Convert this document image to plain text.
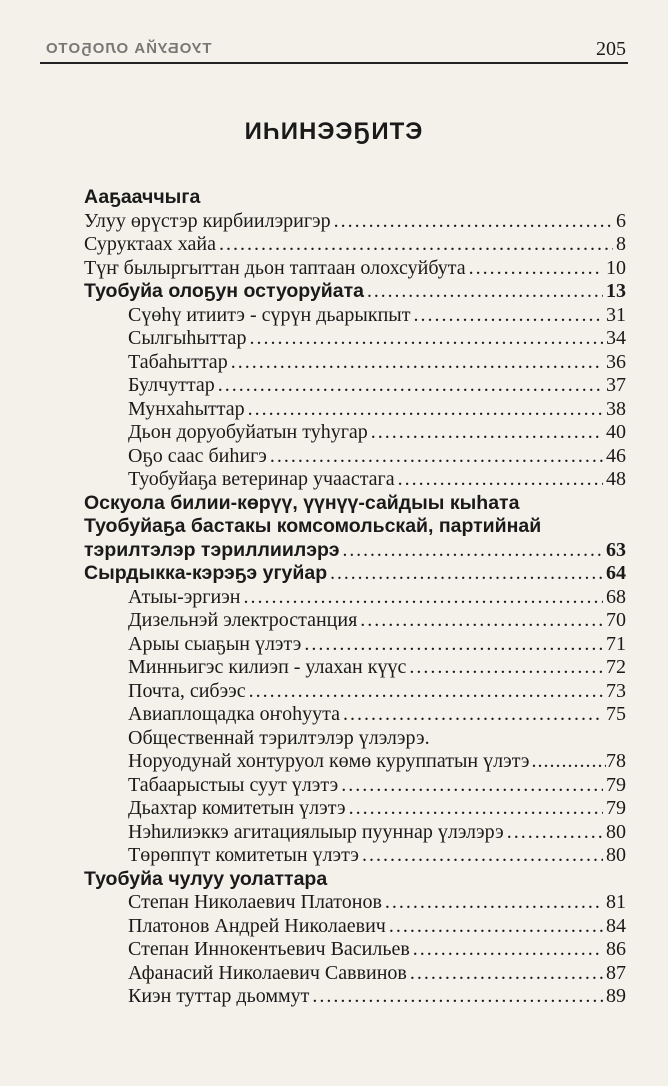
ТУОБУЙА ОЛОҔОТО	205
ИҺИНЭЭҔИТЭ
Ааҕааччыга
Улуу өрүстэр кирбиилэригэр .....	6
Суруктаах хайа .....	8
Түҥ былыргыттан дьон таптаан олохсуйбута .....	10
Туобуйа олоҕун остуоруйата .....	13
Сүөһү итиитэ - сүрүн дьарыкпыт .....	31
Сылгыһыттар .....	34
Табаһыттар .....	36
Булчуттар .....	37
Мунхаһыттар .....	38
Дьон доруобуйатын туһугар .....	40
Оҕо саас биһигэ .....	46
Туобуйаҕа ветеринар учаастага .....	48
Оскуола билии-көрүү, үүнүү-сайдыы кыһата
Туобуйаҕа бастакы комсомольскай, партийнай
тэрилтэлэр тэриллиилэрэ .....	63
Сырдыкка-кэрэҕэ угуйар .....	64
Атыы-эргиэн .....	68
Дизельнэй электростанция .....	70
Арыы сыаҕын үлэтэ .....	71
Минньигэс килиэп - улахан күүс .....	72
Почта, сибээс .....	73
Авиаплощадка оҥоһуута .....	75
Общественнай тэрилтэлэр үлэлэрэ.
Норуодунай хонтуруол көмө куруппатын үлэтэ .....	78
Табаарыстыы суут үлэтэ .....	79
Дьахтар комитетын үлэтэ .....	79
Нэһилиэккэ агитациялыыр пууннар үлэлэрэ .....	80
Төрөппүт комитетын үлэтэ .....	80
Туобуйа чулуу уолаттара
Степан Николаевич Платонов .....	81
Платонов Андрей Николаевич .....	84
Степан Иннокентьевич Васильев .....	86
Афанасий Николаевич Саввинов .....	87
Киэн туттар дьоммут .....	89
